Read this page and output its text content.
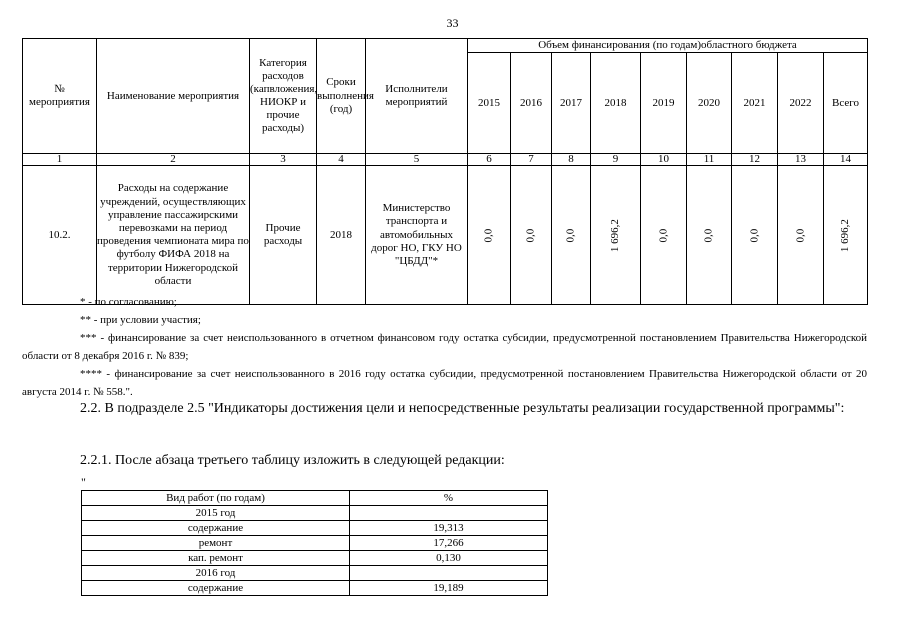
33
№ мероприятия	Наименование мероприятия	Категория расходов (капвложения, НИОКР и прочие расходы)	Сроки выполнения (год)	Исполнители мероприятий	Объем финансирования (по годам)областного бюджета								
					2015	2016	2017	2018	2019	2020	2021	2022	Всего
1	2	3	4	5	6	7	8	9	10	11	12	13	14
10.2.	Расходы на содержание учреждений, осуществляющих управление пассажирскими перевозками на период проведения чемпионата мира по футболу ФИФА 2018 на территории Нижегородской области	Прочие расходы	2018	Министерство транспорта и автомобильных дорог НО, ГКУ НО "ЦБДД"*	0,0	0,0	0,0	1 696,2	0,0	0,0	0,0	0,0	1 696,2

* - по согласованию;

** - при условии участия;

*** - финансирование за счет неиспользованного в отчетном финансовом году остатка субсидии, предусмотренной постановлением Правительства Нижегородской области от 8 декабря 2016 г. № 839;

**** - финансирование за счет неиспользованного в 2016 году остатка субсидии, предусмотренной постановлением Правительства Нижегородской области от 20 августа 2014 г. № 558.".

2.2. В подразделе 2.5 "Индикаторы достижения цели и непосредственные результаты реализации государственной программы":
2.2.1. После абзаца третьего таблицу изложить в следующей редакции:
"
Вид работ (по годам)	%
2015 год	
содержание	19,313
ремонт	17,266
кап. ремонт	0,130
2016 год	
содержание	19,189
